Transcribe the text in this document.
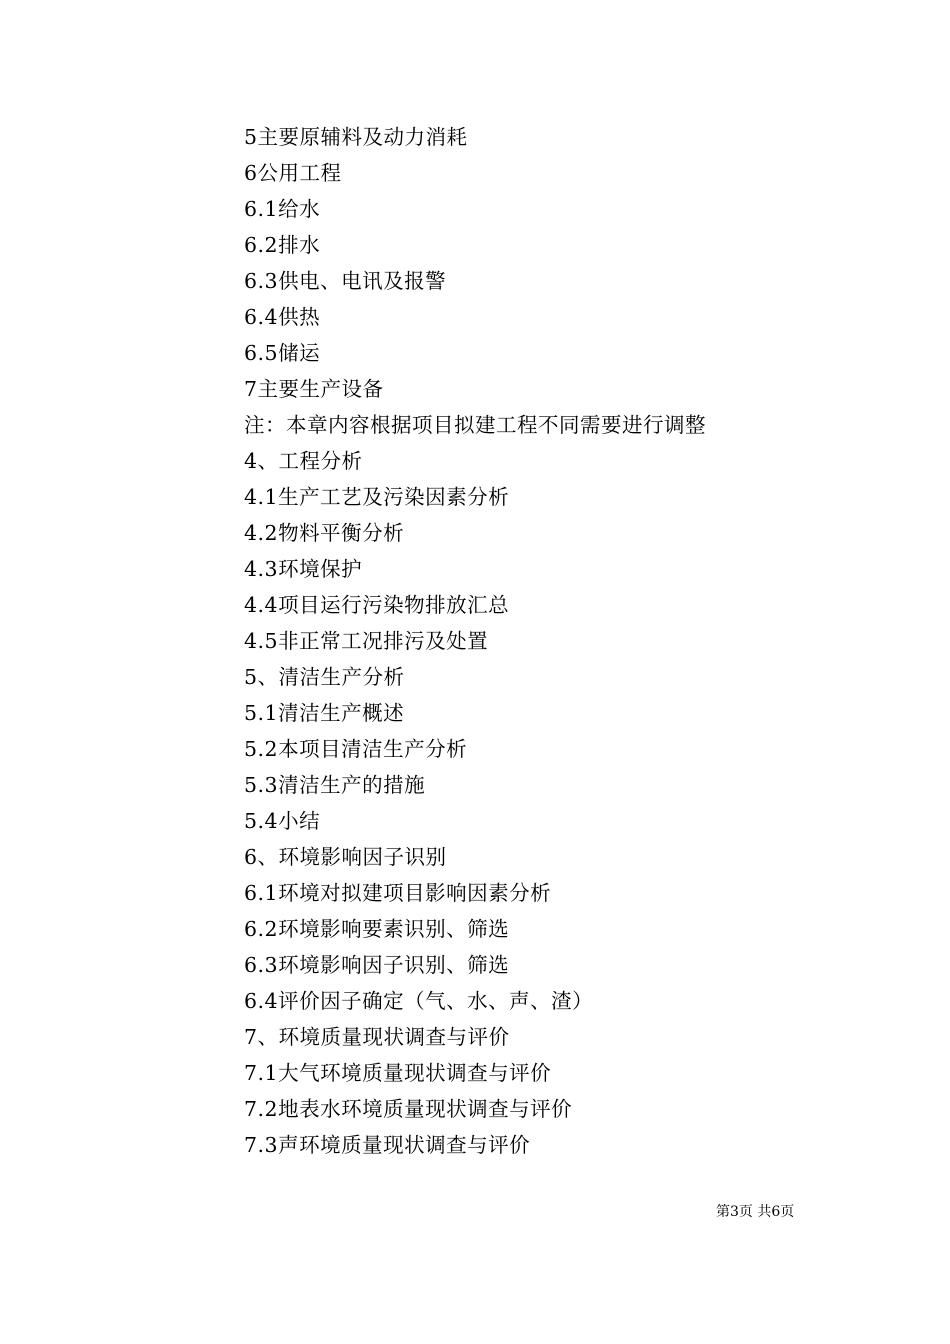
5主要原辅料及动力消耗
6公用工程
6.1给水
6.2排水
6.3供电、电讯及报警
6.4供热
6.5储运
7主要生产设备
注：本章内容根据项目拟建工程不同需要进行调整
4、工程分析
4.1生产工艺及污染因素分析
4.2物料平衡分析
4.3环境保护
4.4项目运行污染物排放汇总
4.5非正常工况排污及处置
5、清洁生产分析
5.1清洁生产概述
5.2本项目清洁生产分析
5.3清洁生产的措施
5.4小结
6、环境影响因子识别
6.1环境对拟建项目影响因素分析
6.2环境影响要素识别、筛选
6.3环境影响因子识别、筛选
6.4评价因子确定（气、水、声、渣）
7、环境质量现状调查与评价
7.1大气环境质量现状调查与评价
7.2地表水环境质量现状调查与评价
7.3声环境质量现状调查与评价
第3页 共6页
